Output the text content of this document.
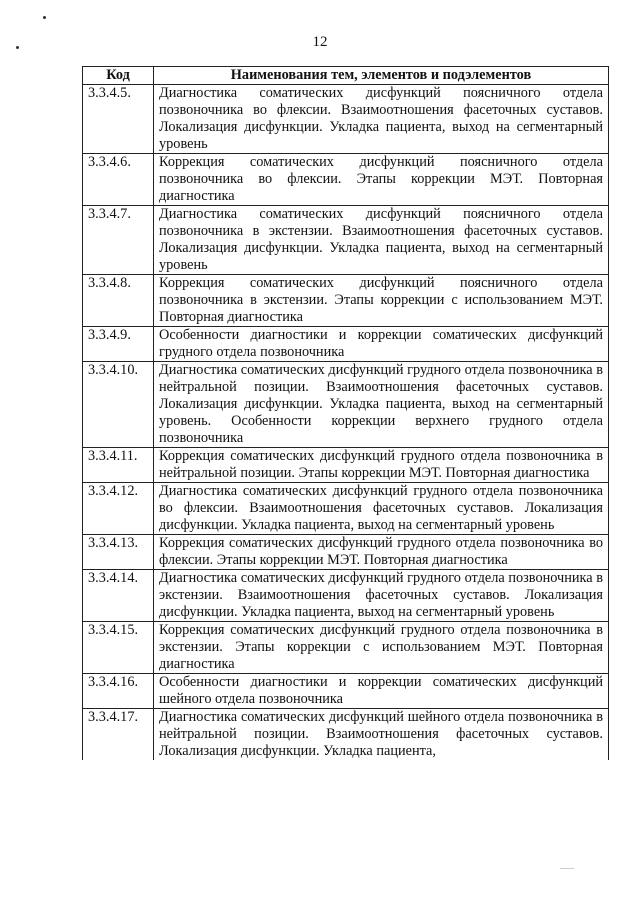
12
Код	Наименования тем, элементов и подэлементов
3.3.4.5.	Диагностика соматических дисфункций поясничного отдела позвоночника во флексии. Взаимоотношения фасеточных суставов. Локализация дисфункции. Укладка пациента, выход на сегментарный уровень
3.3.4.6.	Коррекция соматических дисфункций поясничного отдела позвоночника во флексии. Этапы коррекции МЭТ. Повторная диагностика
3.3.4.7.	Диагностика соматических дисфункций поясничного отдела позвоночника в экстензии. Взаимоотношения фасеточных суставов. Локализация дисфункции. Укладка пациента, выход на сегментарный уровень
3.3.4.8.	Коррекция соматических дисфункций поясничного отдела позвоночника в экстензии. Этапы коррекции с использованием МЭТ. Повторная диагностика
3.3.4.9.	Особенности диагностики и коррекции соматических дисфункций грудного отдела позвоночника
3.3.4.10.	Диагностика соматических дисфункций грудного отдела позвоночника в нейтральной позиции. Взаимоотношения фасеточных суставов. Локализация дисфункции. Укладка пациента, выход на сегментарный уровень. Особенности коррекции верхнего грудного отдела позвоночника
3.3.4.11.	Коррекция соматических дисфункций грудного отдела позвоночника в нейтральной позиции. Этапы коррекции МЭТ. Повторная диагностика
3.3.4.12.	Диагностика соматических дисфункций грудного отдела позвоночника во флексии. Взаимоотношения фасеточных суставов. Локализация дисфункции. Укладка пациента, выход на сегментарный уровень
3.3.4.13.	Коррекция соматических дисфункций грудного отдела позвоночника во флексии. Этапы коррекции МЭТ. Повторная диагностика
3.3.4.14.	Диагностика соматических дисфункций грудного отдела позвоночника в экстензии. Взаимоотношения фасеточных суставов. Локализация дисфункции. Укладка пациента, выход на сегментарный уровень
3.3.4.15.	Коррекция соматических дисфункций грудного отдела позвоночника в экстензии. Этапы коррекции с использованием МЭТ. Повторная диагностика
3.3.4.16.	Особенности диагностики и коррекции соматических дисфункций шейного отдела позвоночника
3.3.4.17.	Диагностика соматических дисфункций шейного отдела позвоночника в нейтральной позиции. Взаимоотношения фасеточных суставов. Локализация дисфункции. Укладка пациента,
